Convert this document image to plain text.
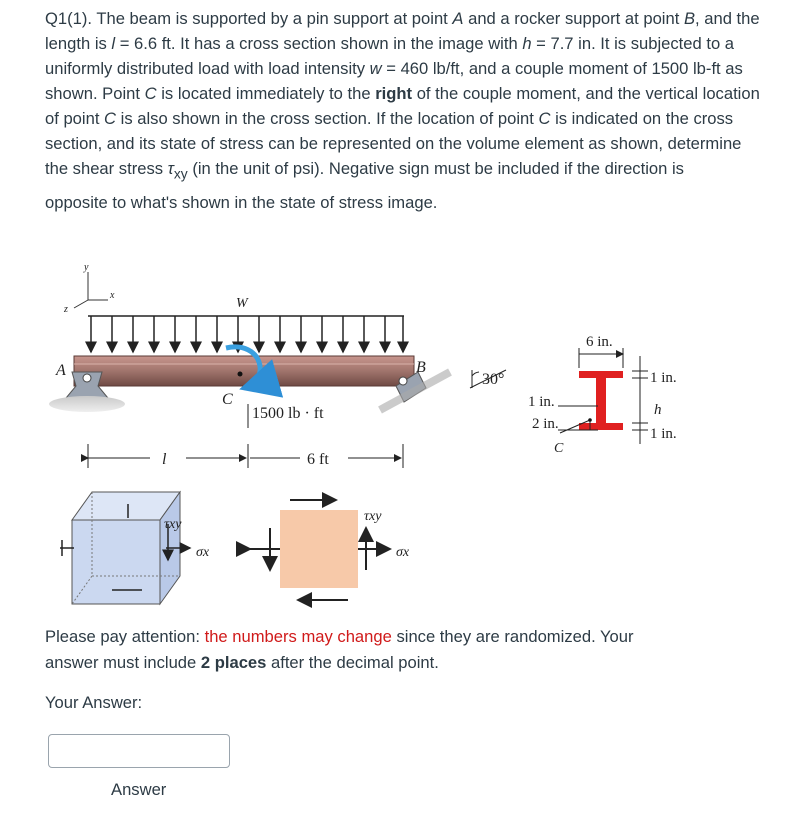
Q1(1). The beam is supported by a pin support at point A and a rocker support at point B, and the length is l = 6.6 ft. It has a cross section shown in the image with h = 7.7 in. It is subjected to a uniformly distributed load with load intensity w = 460 lb/ft, and a couple moment of 1500 lb-ft as shown. Point C is located immediately to the right of the couple moment, and the vertical location of point C is also shown in the cross section. If the location of point C is indicated on the cross section, and its state of stress can be represented on the volume element as shown, determine the shear stress $\tau_{xy}$ (in the unit of psi). Negative sign must be included if the direction is
opposite to what's shown in the state of stress image.
y
x
z	W
A	B
30°
C
1500 lb · ft
l	6 ft
6 in.
1 in.
h
1 in.
1 in.
2 in.
C
τxy
σx
τxy
σx
Please pay attention: the numbers may change since they are randomized. Your answer must include 2 places after the decimal point.
Your Answer:
Answer
